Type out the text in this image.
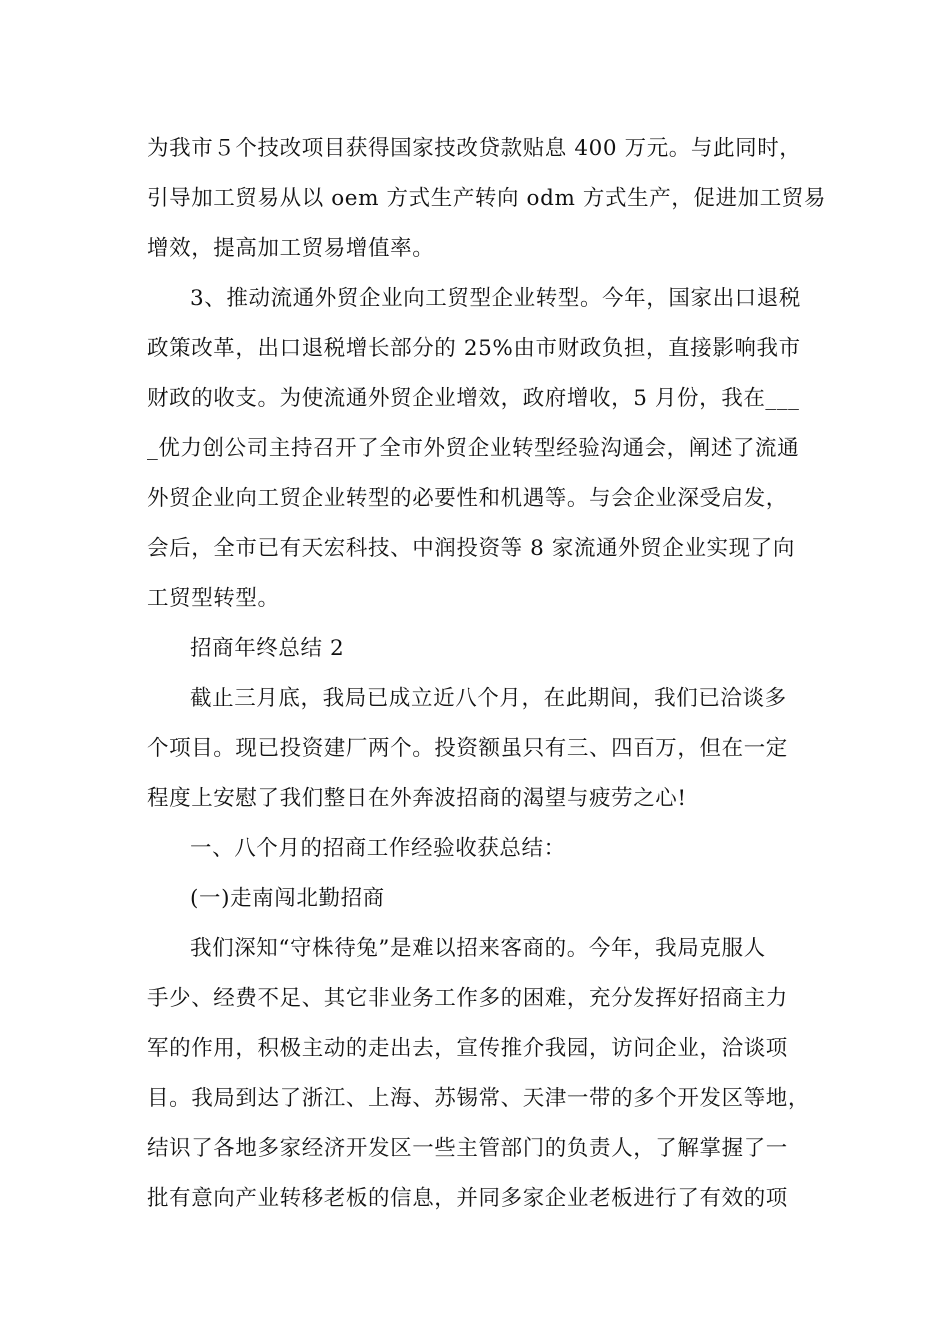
为我市５个技改项目获得国家技改贷款贴息 400 万元。与此同时，
引导加工贸易从以 oem 方式生产转向 odm 方式生产，促进加工贸易
增效，提高加工贸易增值率。
3、推动流通外贸企业向工贸型企业转型。今年，国家出口退税
政策改革，出口退税增长部分的 25%由市财政负担，直接影响我市
财政的收支。为使流通外贸企业增效，政府增收，5 月份，我在___
_优力创公司主持召开了全市外贸企业转型经验沟通会，阐述了流通
外贸企业向工贸企业转型的必要性和机遇等。与会企业深受启发，
会后，全市已有天宏科技、中润投资等 8 家流通外贸企业实现了向
工贸型转型。
招商年终总结 2
截止三月底，我局已成立近八个月，在此期间，我们已洽谈多
个项目。现已投资建厂两个。投资额虽只有三、四百万，但在一定
程度上安慰了我们整日在外奔波招商的渴望与疲劳之心!
一、八个月的招商工作经验收获总结：
(一)走南闯北勤招商
我们深知“守株待兔”是难以招来客商的。今年，我局克服人
手少、经费不足、其它非业务工作多的困难，充分发挥好招商主力
军的作用，积极主动的走出去，宣传推介我园，访问企业，洽谈项
目。我局到达了浙江、上海、苏锡常、天津一带的多个开发区等地，
结识了各地多家经济开发区一些主管部门的负责人，了解掌握了一
批有意向产业转移老板的信息，并同多家企业老板进行了有效的项
